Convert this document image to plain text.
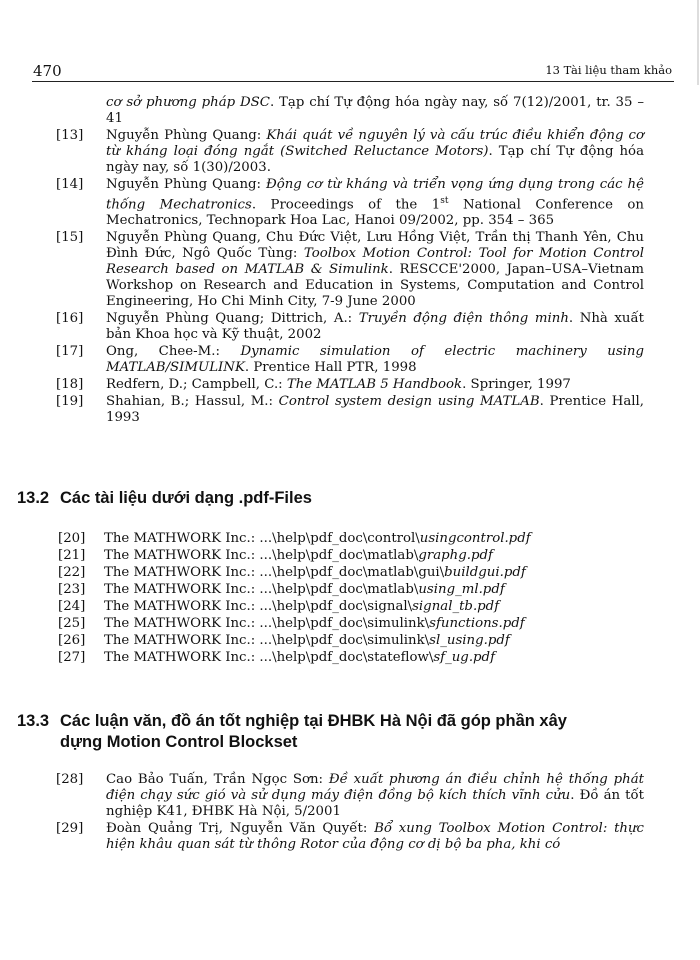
470	13 Tài liệu tham khảo
cơ sở phương pháp DSC. Tạp chí Tự động hóa ngày nay, số 7(12)/2001, tr. 35 – 41
[13] Nguyễn Phùng Quang: Khái quát về nguyên lý và cấu trúc điều khiển động cơ từ kháng loại đóng ngắt (Switched Reluctance Motors). Tạp chí Tự động hóa ngày nay, số 1(30)/2003.
[14] Nguyễn Phùng Quang: Động cơ từ kháng và triển vọng ứng dụng trong các hệ thống Mechatronics. Proceedings of the 1st National Conference on Mechatronics, Technopark Hoa Lac, Hanoi 09/2002, pp. 354 – 365
[15] Nguyễn Phùng Quang, Chu Đức Việt, Lưu Hồng Việt, Trần thị Thanh Yên, Chu Đình Đức, Ngô Quốc Tùng: Toolbox Motion Control: Tool for Motion Control Research based on MATLAB & Simulink. RESCCE'2000, Japan–USA–Vietnam Workshop on Research and Education in Systems, Computation and Control Engineering, Ho Chi Minh City, 7-9 June 2000
[16] Nguyễn Phùng Quang; Dittrich, A.: Truyền động điện thông minh. Nhà xuất bản Khoa học và Kỹ thuật, 2002
[17] Ong, Chee-M.: Dynamic simulation of electric machinery using MATLAB/SIMULINK. Prentice Hall PTR, 1998
[18] Redfern, D.; Campbell, C.: The MATLAB 5 Handbook. Springer, 1997
[19] Shahian, B.; Hassul, M.: Control system design using MATLAB. Prentice Hall, 1993
13.2 Các tài liệu dưới dạng .pdf-Files
[20] The MATHWORK Inc.: ...\help\pdf_doc\control\usingcontrol.pdf
[21] The MATHWORK Inc.: ...\help\pdf_doc\matlab\graphg.pdf
[22] The MATHWORK Inc.: ...\help\pdf_doc\matlab\gui\buildgui.pdf
[23] The MATHWORK Inc.: ...\help\pdf_doc\matlab\using_ml.pdf
[24] The MATHWORK Inc.: ...\help\pdf_doc\signal\signal_tb.pdf
[25] The MATHWORK Inc.: ...\help\pdf_doc\simulink\sfunctions.pdf
[26] The MATHWORK Inc.: ...\help\pdf_doc\simulink\sl_using.pdf
[27] The MATHWORK Inc.: ...\help\pdf_doc\stateflow\sf_ug.pdf
13.3 Các luận văn, đồ án tốt nghiệp tại ĐHBK Hà Nội đã góp phần xây
dựng Motion Control Blockset
[28] Cao Bảo Tuấn, Trần Ngọc Sơn: Đề xuất phương án điều chỉnh hệ thống phát điện chạy sức gió và sử dụng máy điện đồng bộ kích thích vĩnh cửu. Đồ án tốt nghiệp K41, ĐHBK Hà Nội, 5/2001
[29] Đoàn Quảng Trị, Nguyễn Văn Quyết: Bổ xung Toolbox Motion Control: thực hiện khâu quan sát từ thông Rotor của động cơ dị bộ ba pha, khi có
